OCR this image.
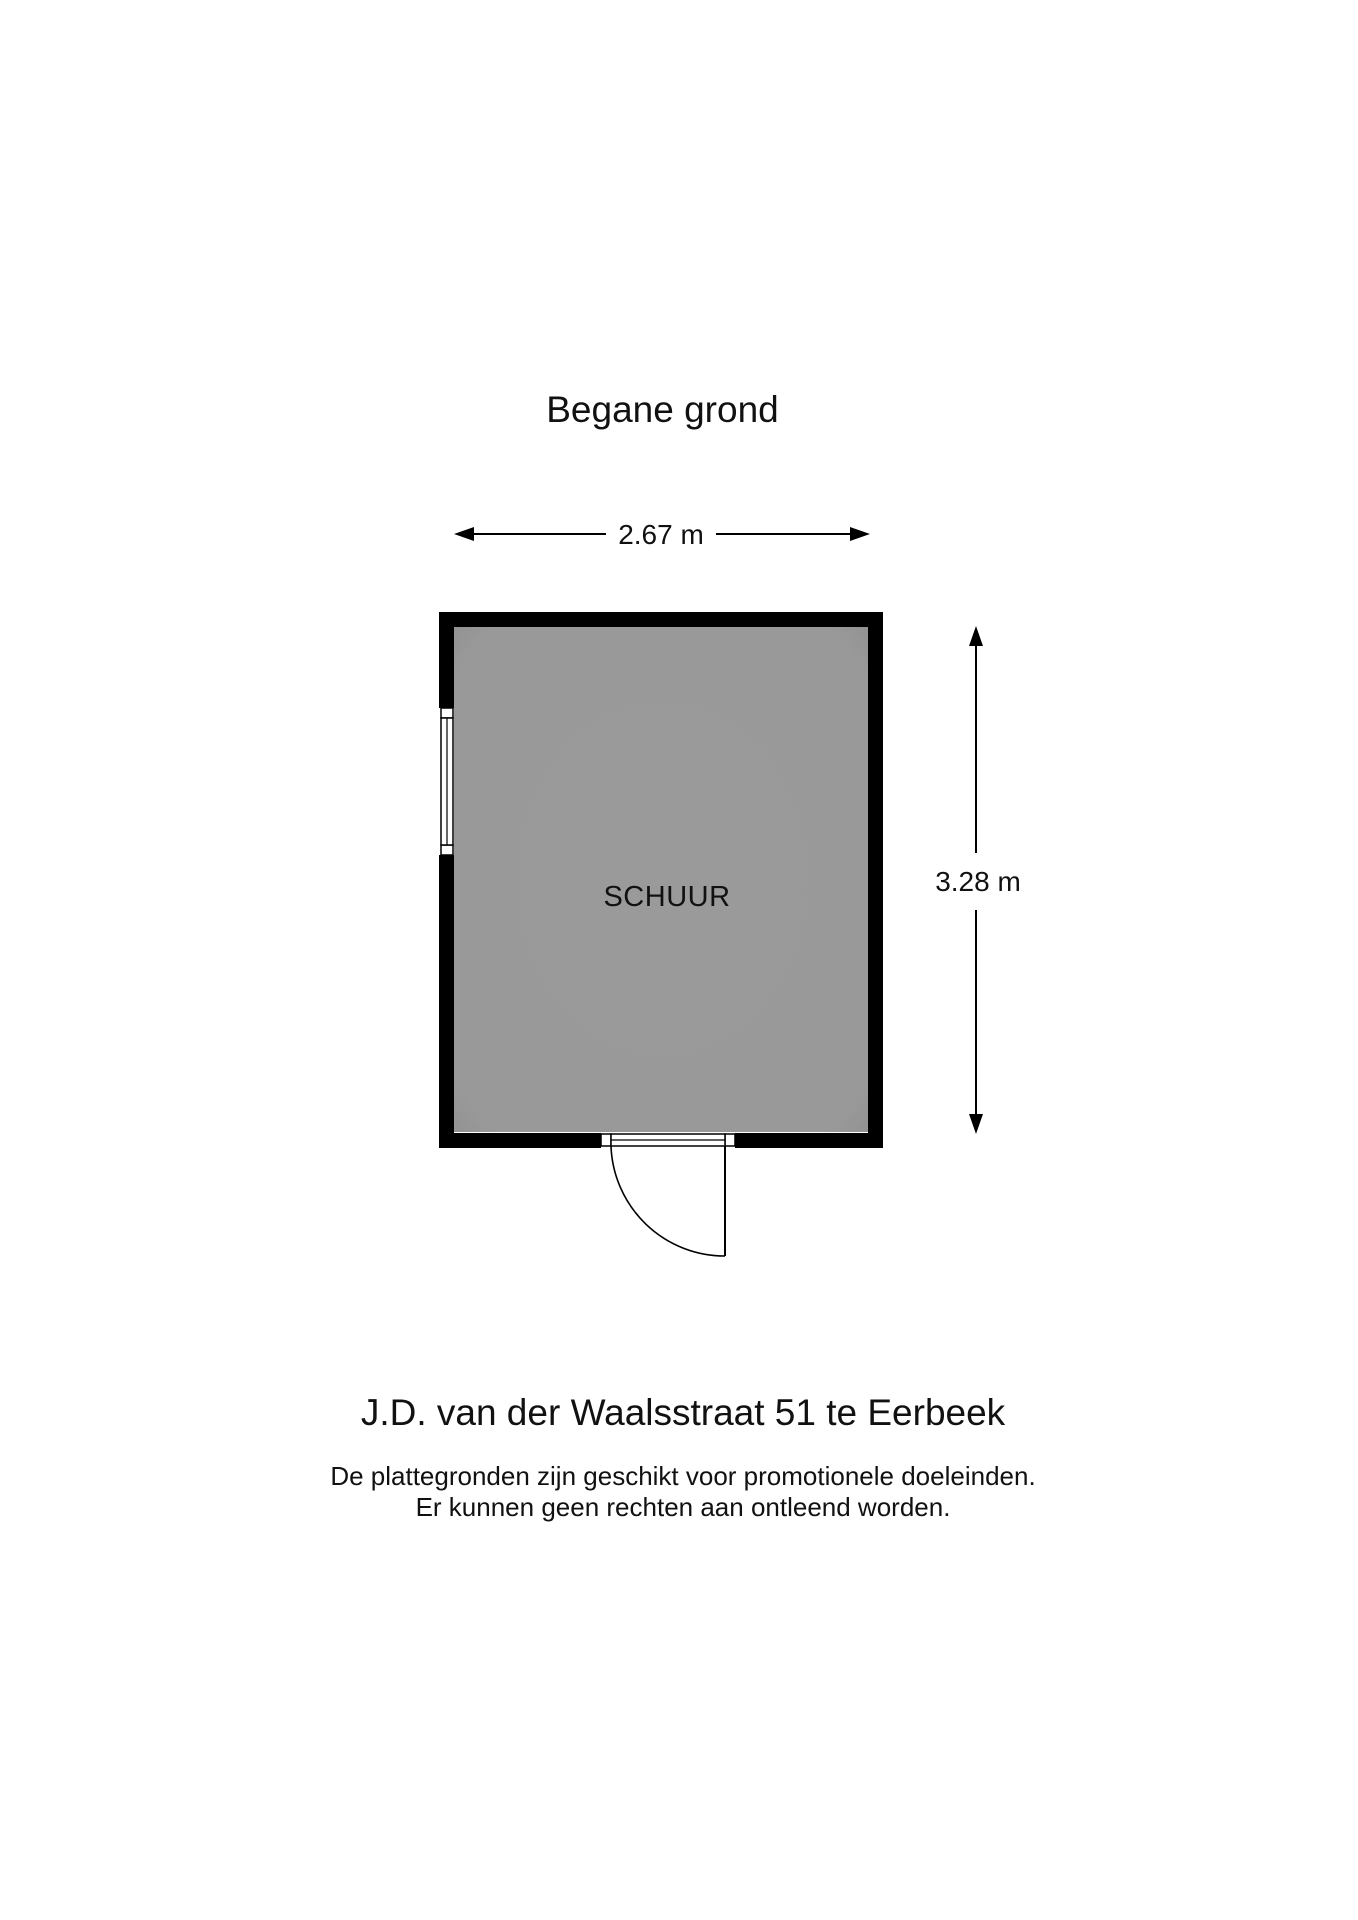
Begane grond
2.67 m
3.28 m
SCHUUR
J.D. van der Waalsstraat 51 te Eerbeek
De plattegronden zijn geschikt voor promotionele doeleinden.
Er kunnen geen rechten aan ontleend worden.
